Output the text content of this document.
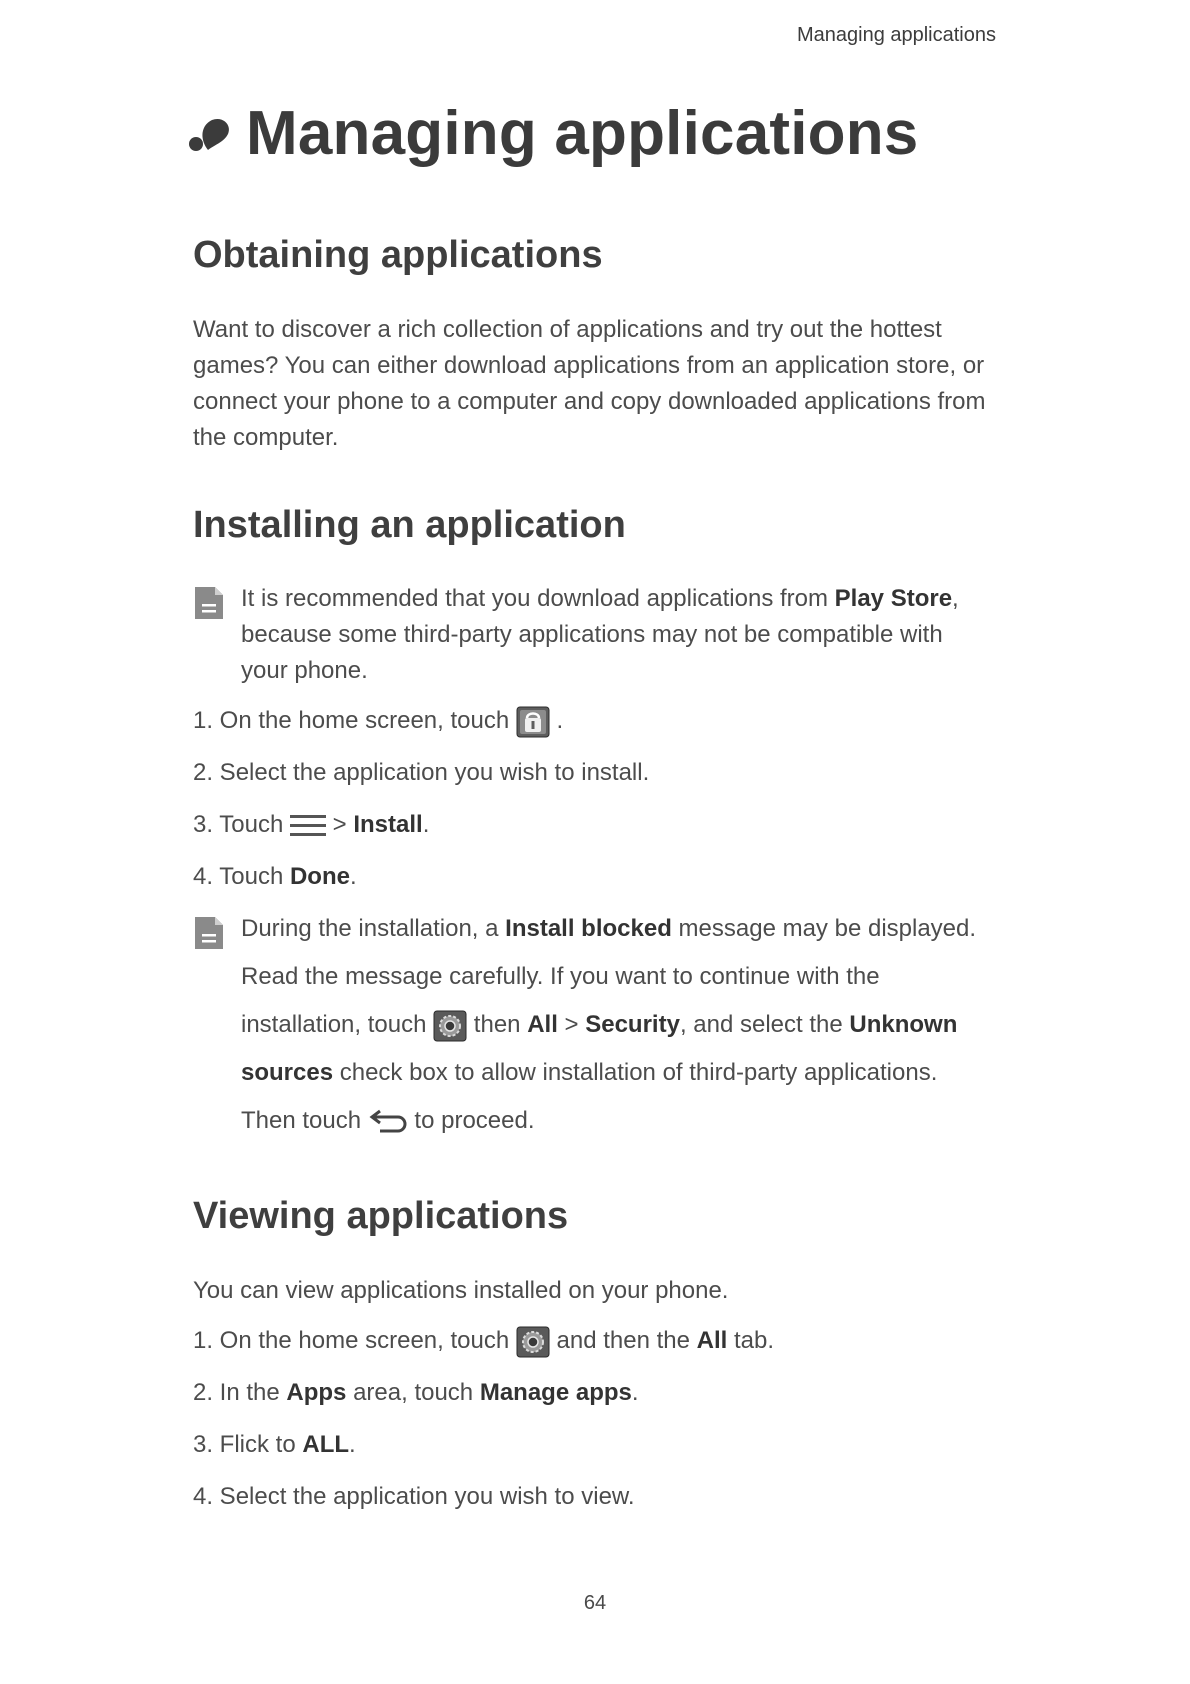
Managing applications
Managing applications
Obtaining applications

Want to discover a rich collection of applications and try out the hottest games? You can either download applications from an application store, or connect your phone to a computer and copy downloaded applications from the computer.

Installing an application
It is recommended that you download applications from Play Store, because some third-party applications may not be compatible with your phone.
1. On the home screen, touch  .
2. Select the application you wish to install.
3. Touch  > Install.
4. Touch Done.
During the installation, a Install blocked message may be displayed. Read the message carefully. If you want to continue with the installation, touch  then All > Security, and select the Unknown sources check box to allow installation of third-party applications. Then touch  to proceed.
Viewing applications

You can view applications installed on your phone.

1. On the home screen, touch  and then the All tab.
2. In the Apps area, touch Manage apps.
3. Flick to ALL.
4. Select the application you wish to view.
64
